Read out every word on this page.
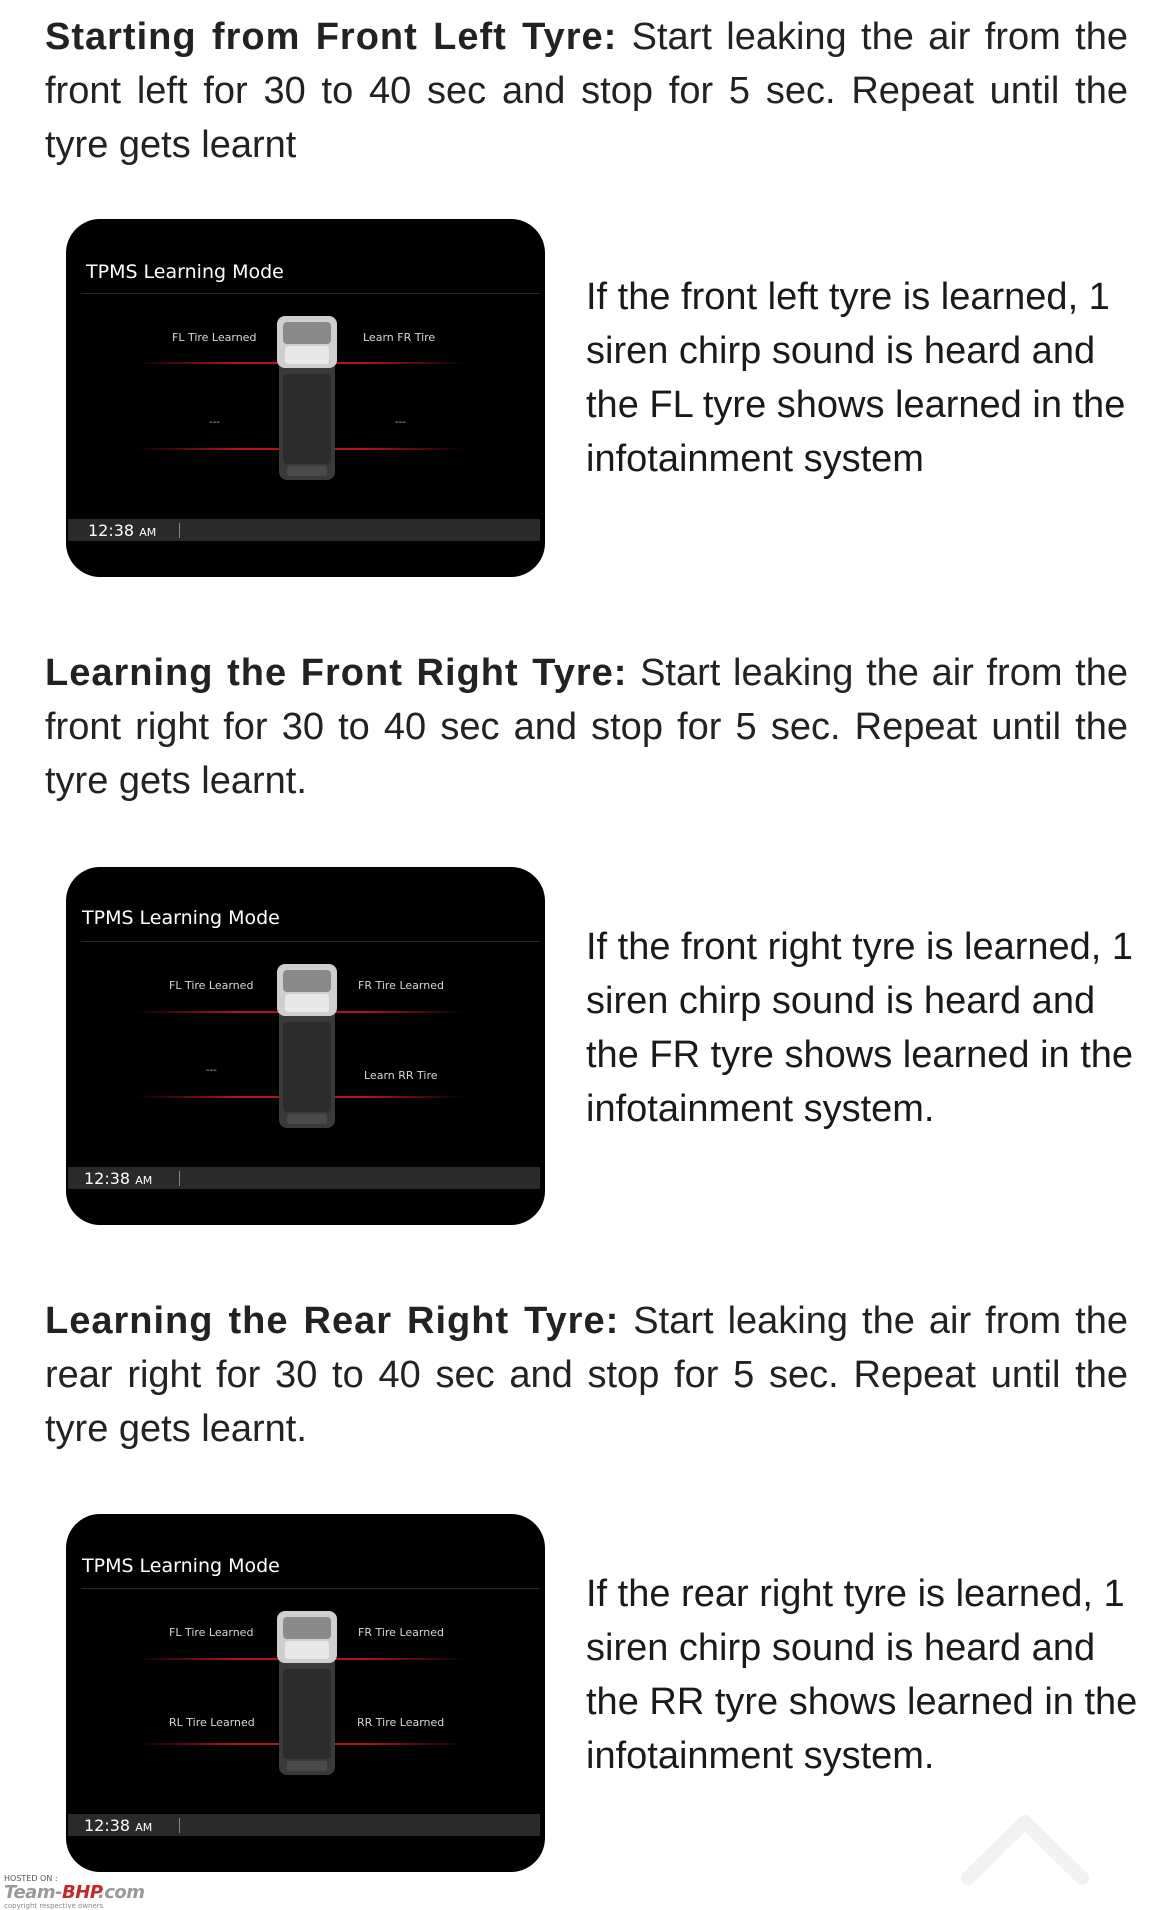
Starting from Front Left Tyre: Start leaking the air from the front left for 30 to 40 sec and stop for 5 sec. Repeat until the tyre gets learnt

TPMS Learning Mode
FL Tire Learned	Learn FR Tire
---	---
12:38 AM

If the front left tyre is learned, 1 siren chirp sound is heard and the FL tyre shows learned in the infotainment system

Learning the Front Right Tyre: Start leaking the air from the front right for 30 to 40 sec and stop for 5 sec. Repeat until the tyre gets learnt.

TPMS Learning Mode
FL Tire Learned	FR Tire Learned
---	Learn RR Tire
12:38 AM

If the front right tyre is learned, 1 siren chirp sound is heard and the FR tyre shows learned in the infotainment system.

Learning the Rear Right Tyre: Start leaking the air from the rear right for 30 to 40 sec and stop for 5 sec. Repeat until the tyre gets learnt.

TPMS Learning Mode
FL Tire Learned	FR Tire Learned
RL Tire Learned	RR Tire Learned
12:38 AM

If the rear right tyre is learned, 1 siren chirp sound is heard and the RR tyre shows learned in the infotainment system.

HOSTED ON :
Team-BHP.com
copyright respective owners
